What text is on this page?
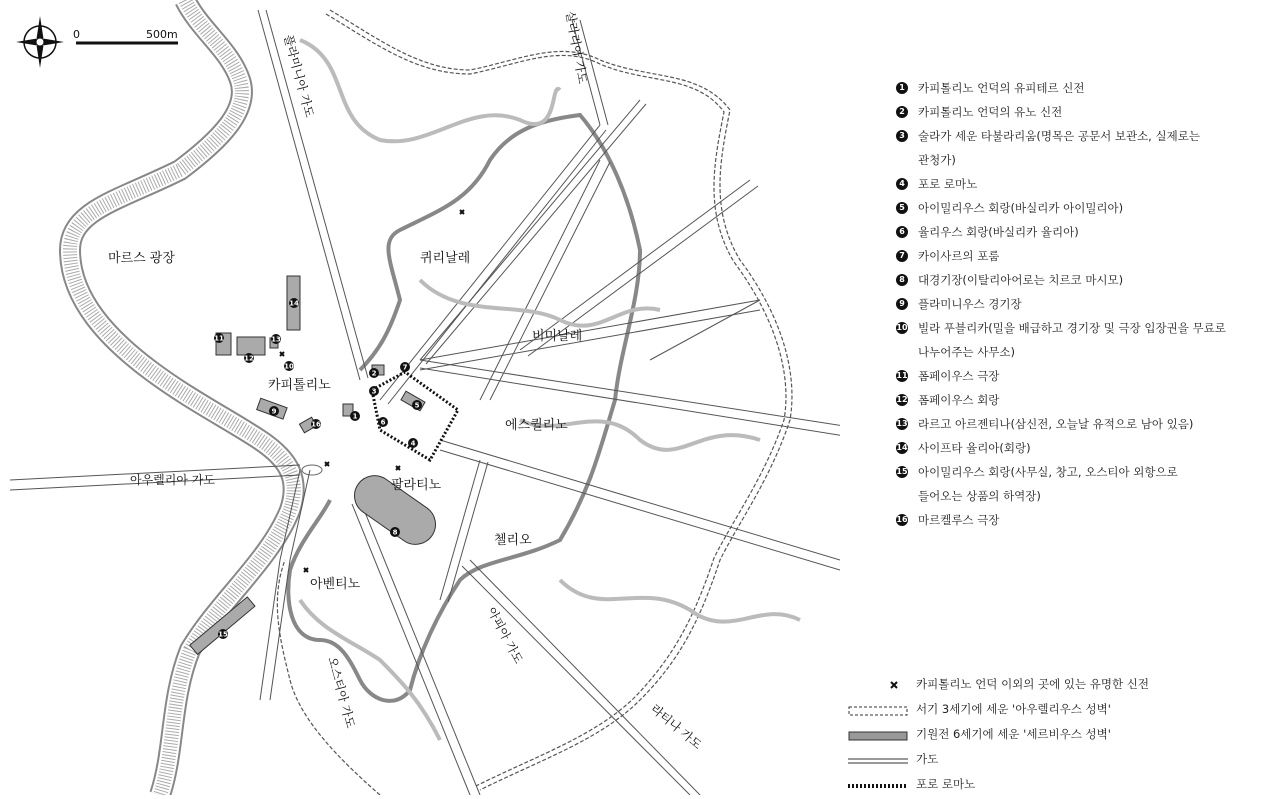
0	500m
마르스 광장	퀴리날레
비미날레
에스퀼리노
카피톨리노
팔라티노
첼리오
아벤티노
아우렐리아 가도
플라미니아 가도	살라리아 가도
아피아 가도
오스티아 가도	라티나 가도
1
2
3
4
5
6
7
8
9
10
11
12
13
14
15
16
1 카피톨리노 언덕의 유피테르 신전
2 카피톨리노 언덕의 유노 신전
3 술라가 세운 타불라리움(명목은 공문서 보관소, 실제로는
관청가)
4 포로 로마노
5 아이밀리우스 회랑(바실리카 아이밀리아)
6 율리우스 회랑(바실리카 율리아)
7 카이사르의 포룸
8 대경기장(이탈리아어로는 치르코 마시모)
9 플라미니우스 경기장
10 빌라 푸블리카(밀을 배급하고 경기장 및 극장 입장권을 무료로
나누어주는 사무소)
11 폼페이우스 극장
12 폼페이우스 회랑
13 라르고 아르젠티나(삼신전, 오늘날 유적으로 남아 있음)
14 사이프타 율리아(회랑)
15 아이밀리우스 회랑(사무실, 창고, 오스티아 외항으로
들어오는 상품의 하역장)
16 마르켈루스 극장
카피톨리노 언덕 이외의 곳에 있는 유명한 신전
서기 3세기에 세운 '아우렐리우스 성벽'
기원전 6세기에 세운 '세르비우스 성벽'
가도
포로 로마노
